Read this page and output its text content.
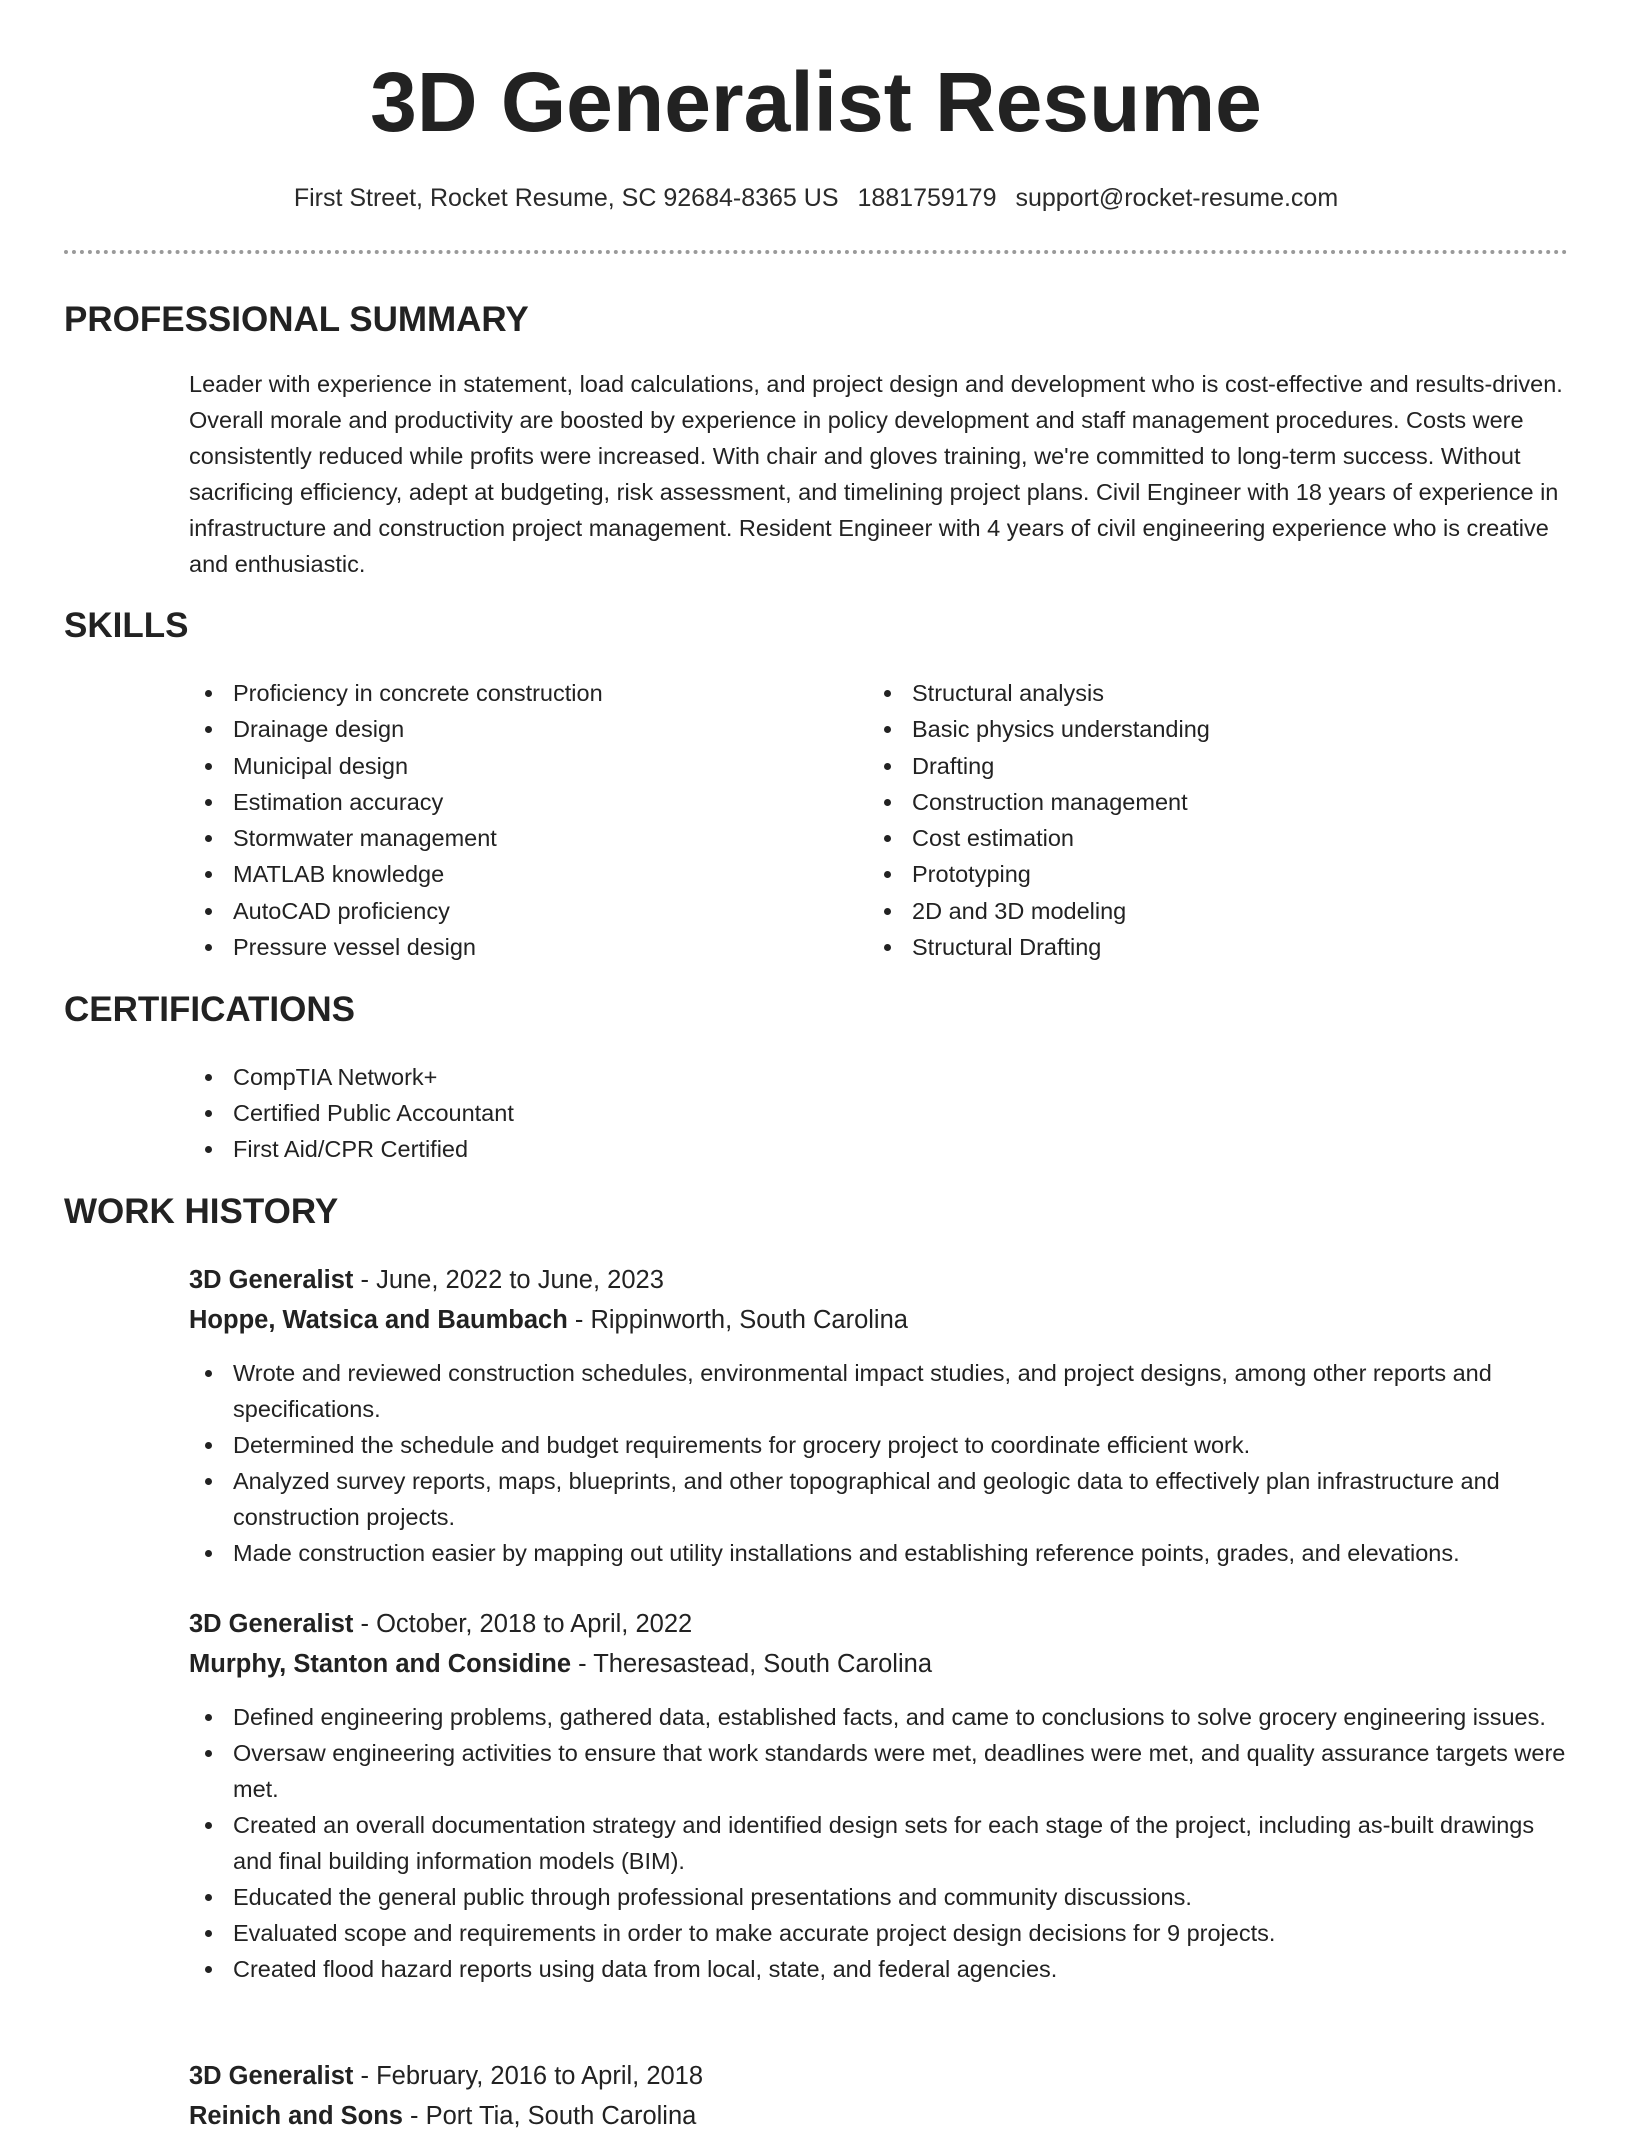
3D Generalist Resume
First Street, Rocket Resume, SC 92684-8365 US 1881759179 support@rocket-resume.com
PROFESSIONAL SUMMARY
Leader with experience in statement, load calculations, and project design and development who is cost-effective and results-driven. Overall morale and productivity are boosted by experience in policy development and staff management procedures. Costs were consistently reduced while profits were increased. With chair and gloves training, we're committed to long-term success. Without sacrificing efficiency, adept at budgeting, risk assessment, and timelining project plans. Civil Engineer with 18 years of experience in infrastructure and construction project management. Resident Engineer with 4 years of civil engineering experience who is creative and enthusiastic.
SKILLS
Proficiency in concrete construction
Drainage design
Municipal design
Estimation accuracy
Stormwater management
MATLAB knowledge
AutoCAD proficiency
Pressure vessel design
Structural analysis
Basic physics understanding
Drafting
Construction management
Cost estimation
Prototyping
2D and 3D modeling
Structural Drafting
CERTIFICATIONS
CompTIA Network+
Certified Public Accountant
First Aid/CPR Certified
WORK HISTORY
3D Generalist - June, 2022 to June, 2023
Hoppe, Watsica and Baumbach - Rippinworth, South Carolina
Wrote and reviewed construction schedules, environmental impact studies, and project designs, among other reports and specifications.
Determined the schedule and budget requirements for grocery project to coordinate efficient work.
Analyzed survey reports, maps, blueprints, and other topographical and geologic data to effectively plan infrastructure and construction projects.
Made construction easier by mapping out utility installations and establishing reference points, grades, and elevations.
3D Generalist - October, 2018 to April, 2022
Murphy, Stanton and Considine - Theresastead, South Carolina
Defined engineering problems, gathered data, established facts, and came to conclusions to solve grocery engineering issues.
Oversaw engineering activities to ensure that work standards were met, deadlines were met, and quality assurance targets were met.
Created an overall documentation strategy and identified design sets for each stage of the project, including as-built drawings and final building information models (BIM).
Educated the general public through professional presentations and community discussions.
Evaluated scope and requirements in order to make accurate project design decisions for 9 projects.
Created flood hazard reports using data from local, state, and federal agencies.
3D Generalist - February, 2016 to April, 2018
Reinich and Sons - Port Tia, South Carolina
